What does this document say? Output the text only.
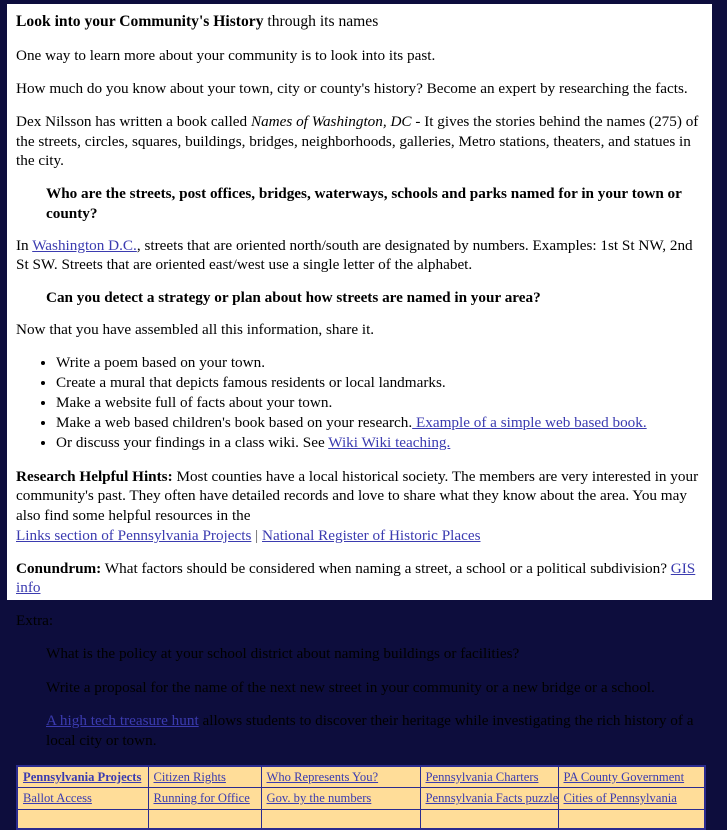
Look into your Community's History through its names

One way to learn more about your community is to look into its past.

How much do you know about your town, city or county's history? Become an expert by researching the facts.

Dex Nilsson has written a book called Names of Washington, DC - It gives the stories behind the names (275) of the streets, circles, squares, buildings, bridges, neighborhoods, galleries, Metro stations, theaters, and statues in the city.

Who are the streets, post offices, bridges, waterways, schools and parks named for in your town or county?

In Washington D.C., streets that are oriented north/south are designated by numbers. Examples: 1st St NW, 2nd St SW. Streets that are oriented east/west use a single letter of the alphabet.

Can you detect a strategy or plan about how streets are named in your area?

Now that you have assembled all this information, share it.

• Write a poem based on your town.
• Create a mural that depicts famous residents or local landmarks.
• Make a website full of facts about your town.
• Make a web based children's book based on your research. Example of a simple web based book.
• Or discuss your findings in a class wiki. See Wiki Wiki teaching.

Research Helpful Hints: Most counties have a local historical society. The members are very interested in your community's past. They often have detailed records and love to share what they know about the area. You may also find some helpful resources in the
Links section of Pennsylvania Projects | National Register of Historic Places

Conundrum: What factors should be considered when naming a street, a school or a political subdivision? GIS info

Extra:

What is the policy at your school district about naming buildings or facilities?

Write a proposal for the name of the next new street in your community or a new bridge or a school.

A high tech treasure hunt allows students to discover their heritage while investigating the rich history of a local city or town.

Pennsylvania Projects	Citizen Rights	Who Represents You?	Pennsylvania Charters	PA County Government
Ballot Access	Running for Office	Gov. by the numbers	Pennsylvania Facts puzzle	Cities of Pennsylvania
